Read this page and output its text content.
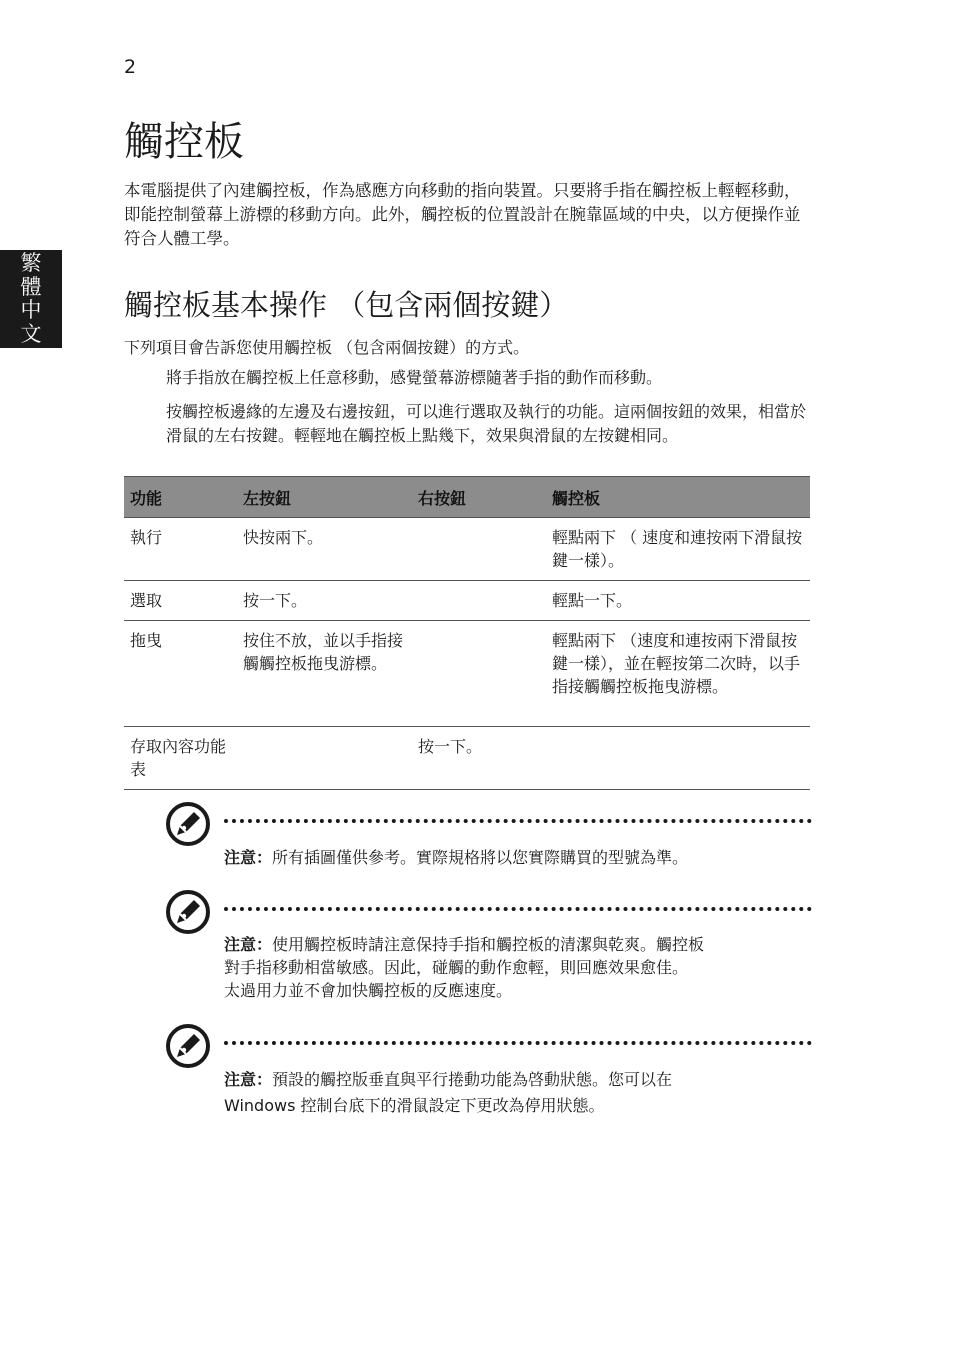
2
觸控板
本電腦提供了內建觸控板，作為感應方向移動的指向裝置。只要將手指在觸控板上輕輕移動，即能控制螢幕上游標的移動方向。此外，觸控板的位置設計在腕靠區域的中央，以方便操作並符合人體工學。
繁體中文
觸控板基本操作 （包含兩個按鍵）
下列項目會告訴您使用觸控板 （包含兩個按鍵）的方式。
將手指放在觸控板上任意移動，感覺螢幕游標隨著手指的動作而移動。
按觸控板邊緣的左邊及右邊按鈕，可以進行選取及執行的功能。這兩個按鈕的效果，相當於滑鼠的左右按鍵。輕輕地在觸控板上點幾下，效果與滑鼠的左按鍵相同。
功能	左按鈕	右按鈕	觸控板
執行	快按兩下。		輕點兩下 （ 速度和連按兩下滑鼠按鍵一樣）。
選取	按一下。		輕點一下。
拖曳	按住不放，並以手指接觸觸控板拖曳游標。		輕點兩下 （速度和連按兩下滑鼠按鍵一樣），並在輕按第二次時，以手指接觸觸控板拖曳游標。
存取內容功能表		按一下。	
注意：所有插圖僅供參考。實際規格將以您實際購買的型號為準。
注意：使用觸控板時請注意保持手指和觸控板的清潔與乾爽。觸控板
對手指移動相當敏感。因此，碰觸的動作愈輕，則回應效果愈佳。
太過用力並不會加快觸控板的反應速度。
注意：預設的觸控版垂直與平行捲動功能為啓動狀態。您可以在
Windows 控制台底下的滑鼠設定下更改為停用狀態。
